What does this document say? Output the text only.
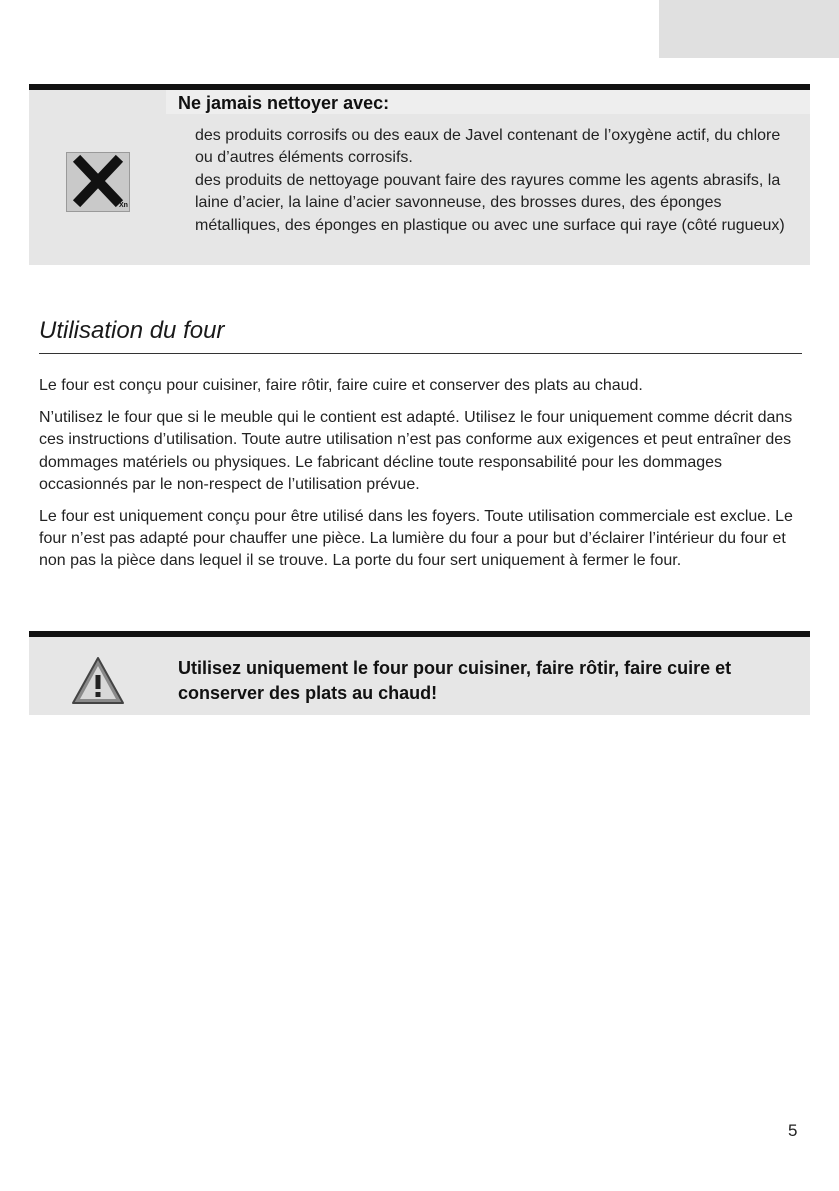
Ne jamais nettoyer avec:
Xn
des produits corrosifs ou des eaux de Javel contenant de l’oxygène actif, du chlore ou d’autres éléments corrosifs.
des produits de nettoyage pouvant faire des rayures comme les agents abrasifs, la laine d’acier, la laine d’acier savonneuse, des brosses dures, des éponges métalliques, des éponges en plastique ou avec une surface qui raye (côté rugueux)
Utilisation du four

Le four est conçu pour cuisiner, faire rôtir, faire cuire et conserver des plats au chaud.

N’utilisez le four que si le meuble qui le contient est adapté. Utilisez le four uniquement comme décrit dans ces instructions d’utilisation. Toute autre utilisation n’est pas conforme aux exigences et peut entraîner des dommages matériels ou physiques. Le fabricant décline toute responsabilité pour les dommages occasionnés par le non-respect de l’utilisation prévue.

Le four est uniquement conçu pour être utilisé dans les foyers. Toute utilisation commerciale est exclue. Le four n’est pas adapté pour chauffer une pièce. La lumière du four a pour but d’éclairer l’intérieur du four et non pas la pièce dans lequel il se trouve. La porte du four sert uniquement à fermer le four.

Utilisez uniquement le four pour cuisiner, faire rôtir, faire cuire et conserver des plats au chaud!

5
